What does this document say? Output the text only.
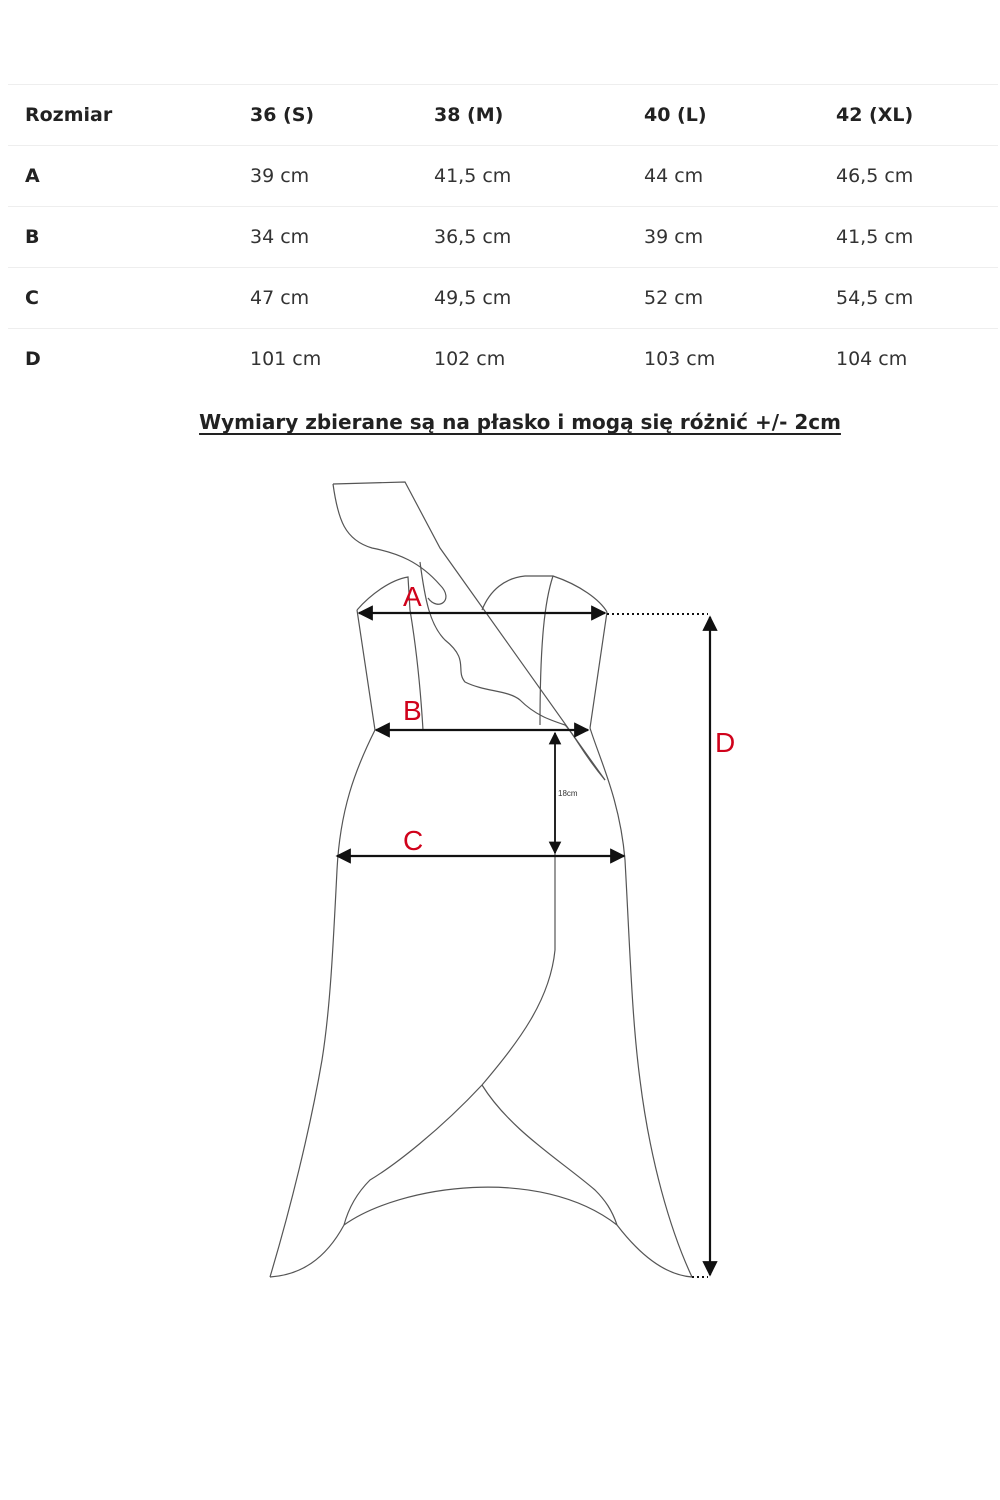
Rozmiar	36 (S)	38 (M)	40 (L)	42 (XL)
A	39 cm	41,5 cm	44 cm	46,5 cm
B	34 cm	36,5 cm	39 cm	41,5 cm
C	47 cm	49,5 cm	52 cm	54,5 cm
D	101 cm	102 cm	103 cm	104 cm
Wymiary zbierane są na płasko i mogą się różnić +/- 2cm
A
B
C
D
18cm
